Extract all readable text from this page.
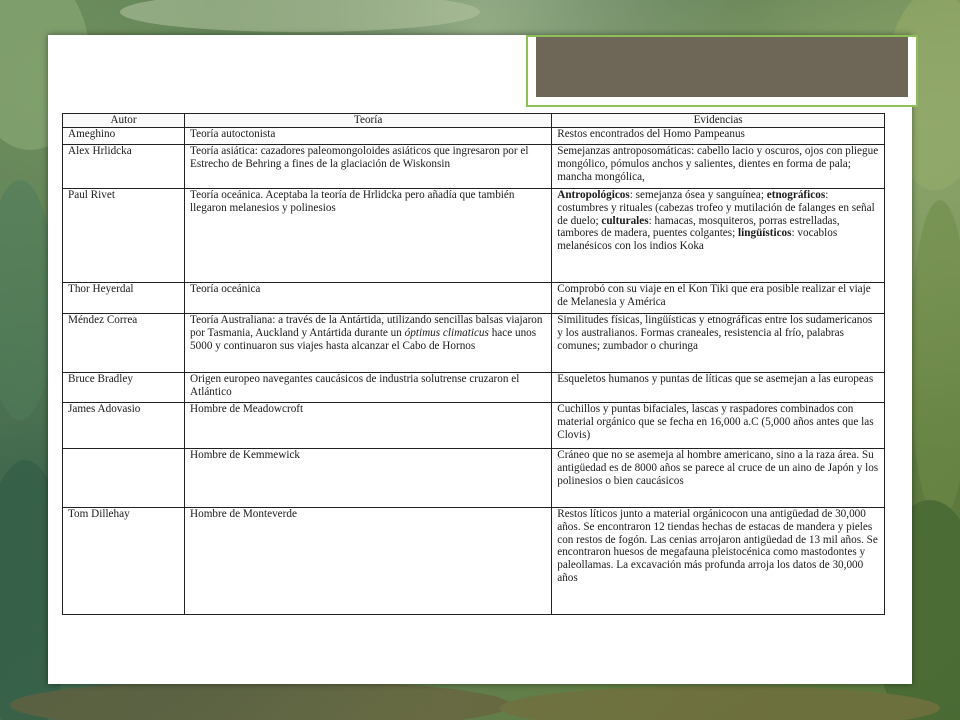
Autor	Teoría	Evidencias
Ameghino	Teoría autoctonista	Restos encontrados del Homo Pampeanus
Alex Hrlidcka	Teoría asiática: cazadores paleomongoloides asiáticos que ingresaron por el Estrecho de Behring a fines de la glaciación de Wiskonsin	Semejanzas antroposomáticas: cabello lacio y oscuros, ojos con pliegue mongólico, pómulos anchos y salientes, dientes en forma de pala; mancha mongólica,
Paul Rivet	Teoría oceánica. Aceptaba la teoría de Hrlidcka pero añadía que también llegaron melanesios y polinesios	Antropológicos: semejanza ósea y sanguínea; etnográficos: costumbres y rituales (cabezas trofeo y mutilación de falanges en señal de duelo; culturales: hamacas, mosquiteros, porras estrelladas, tambores de madera, puentes colgantes; lingüísticos: vocablos melanésicos con los indios Koka
Thor Heyerdal	Teoría oceánica	Comprobó con su viaje en el Kon Tiki que era posible realizar el viaje de Melanesia y América
Méndez Correa	Teoría Australiana: a través de la Antártida, utilizando sencillas balsas viajaron por Tasmania, Auckland y Antártida durante un óptimus climaticus hace unos 5000 y continuaron sus viajes hasta alcanzar el Cabo de Hornos	Similitudes físicas, lingüísticas y etnográficas entre los sudamericanos y los australianos. Formas craneales, resistencia al frío, palabras comunes; zumbador o churinga
Bruce Bradley	Origen europeo navegantes caucásicos de industria solutrense cruzaron el Atlántico	Esqueletos humanos y puntas de líticas que se asemejan a las europeas
James Adovasio	Hombre de Meadowcroft	Cuchillos y puntas bifaciales, lascas y raspadores combinados con material orgánico que se fecha en 16,000 a.C (5,000 años antes que las Clovis)
	Hombre de Kemmewick	Cráneo que no se asemeja al hombre americano, sino a la raza área. Su antigüedad es de 8000 años se parece al cruce de un aino de Japón y los polinesios o bien caucásicos
Tom Dillehay	Hombre de Monteverde	Restos líticos junto a material orgánicocon una antigüedad de 30,000 años. Se encontraron 12 tiendas hechas de estacas de mandera y pieles con restos de fogón. Las cenias arrojaron antigüedad de 13 mil años. Se encontraron huesos de megafauna pleistocénica como mastodontes y paleollamas. La excavación más profunda arroja los datos de 30,000 años
